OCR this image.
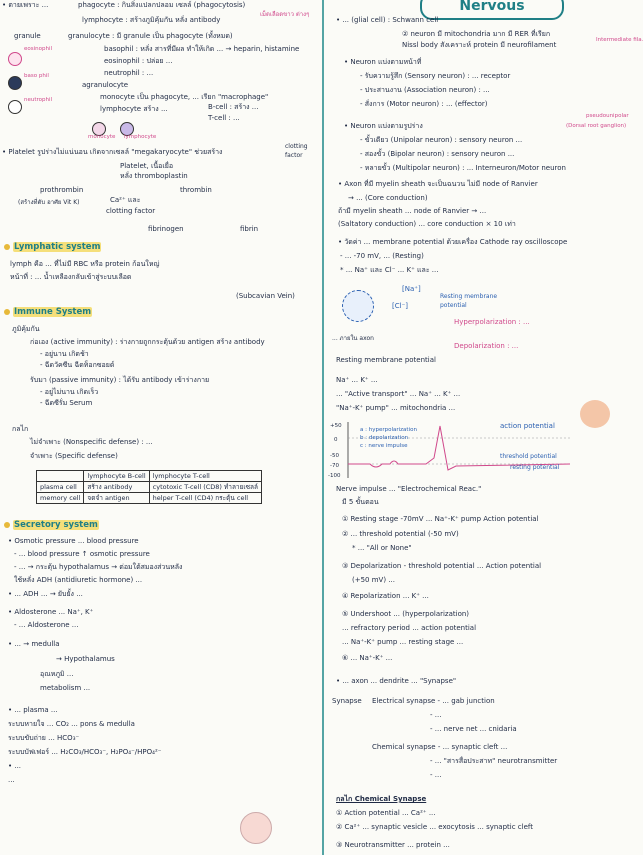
Nervous
• ตายเพราะ ...	phagocyte : กินสิ่งแปลกปลอม เซลล์ (phagocytosis)
lymphocyte : สร้างภูมิคุ้มกัน หลั่ง antibody
เม็ดเลือดขาว ต่างๆ
granule	granulocyte : มี granule เป็น phagocyte (ทั้งหมด)
eosinophil
baso phil
neutrophil
basophil : หลั่ง สารที่มีผล ทำให้เกิด ... → heparin, histamine
eosinophil : ปล่อย ...
neutrophil : ...
agranulocyte
monocyte เป็น phagocyte, ... เรียก "macrophage"
lymphocyte สร้าง ...	B-cell : สร้าง ...
T-cell : ...
monocyte lymphocyte
• Platelet รูปร่างไม่แน่นอน เกิดจากเซลล์ "megakaryocyte" ช่วยสร้าง
clotting factor
Platelet, เนื้อเยื่อ
หลั่ง thromboplastin
prothrombin	thrombin
Ca²⁺ และ
clotting factor
(สร้างที่ตับ อาศัย Vit K)
fibrinogen	fibrin
Lymphatic system
lymph คือ ... ที่ไม่มี RBC หรือ protein ก้อนใหญ่
หน้าที่ : ... น้ำเหลืองกลับเข้าสู่ระบบเลือด
(Subcavian Vein)
Immune System
ภูมิคุ้มกัน
ก่อเอง (active immunity) : ร่างกายถูกกระตุ้นด้วย antigen สร้าง antibody
- อยู่นาน เกิดช้า
- ฉีดวัคซีน ฉีดท็อกซอยด์
รับมา (passive immunity) : ได้รับ antibody เข้าร่างกาย
- อยู่ไม่นาน เกิดเร็ว
- ฉีดซีรั่ม Serum
กลไก
ไม่จำเพาะ (Nonspecific defense) : ...
จำเพาะ (Specific defense)
	lymphocyte B-cell	lymphocyte T-cell
plasma cell	สร้าง antibody	cytotoxic T-cell (CD8) ทำลายเซลล์
memory cell	จดจำ antigen	helper T-cell (CD4) กระตุ้น cell
Secretory system
• Osmotic pressure ... blood pressure
- ... blood pressure ↑ osmotic pressure
- ... → กระตุ้น hypothalamus → ต่อมใต้สมองส่วนหลัง
ใช้หลั่ง ADH (antidiuretic hormone) ...
• ... ADH ... → ยับยั้ง ...
• Aldosterone ... Na⁺, K⁺
- ... Aldosterone ...
• ... → medulla
→ Hypothalamus
อุณหภูมิ ...
metabolism ...
• ... plasma ...
ระบบหายใจ ... CO₂ ... pons & medulla
ระบบขับถ่าย ... HCO₃⁻
ระบบบัฟเฟอร์ ... H₂CO₃/HCO₃⁻, H₂PO₄⁻/HPO₄²⁻
• ...
...
• ... (glial cell) : Schwann cell
② neuron มี mitochondria มาก มี RER ที่เรียก
Nissl body สังเคราะห์ protein มี neurofilament
Intermediate fila.
• Neuron แบ่งตามหน้าที่
- รับความรู้สึก (Sensory neuron) : ... receptor
- ประสานงาน (Association neuron) : ...
- สั่งการ (Motor neuron) : ... (effector)
• Neuron แบ่งตามรูปร่าง
pseudounipolar
(Dorsal root ganglion)
- ขั้วเดียว (Unipolar neuron) : sensory neuron ...
- สองขั้ว (Bipolar neuron) : sensory neuron ...
- หลายขั้ว (Multipolar neuron) : ... Interneuron/Motor neuron
• Axon ที่มี myelin sheath จะเป็นฉนวน ไม่มี node of Ranvier
→ ... (Core conduction)
ถ้ามี myelin sheath ... node of Ranvier → ...
(Saltatory conduction) ... core conduction × 10 เท่า
• วัดค่า ... membrane potential ด้วยเครื่อง Cathode ray oscilloscope
- ... -70 mV, ... (Resting)
* ... Na⁺ และ Cl⁻ ... K⁺ และ ...
[Na⁺]
[Cl⁻]
Resting membrane potential
Hyperpolarization : ...
Depolarization : ...
... ภายใน axon
Resting membrane potential
Na⁺ ... K⁺ ...
... "Active transport" ... Na⁺ ... K⁺ ...
"Na⁺-K⁺ pump" ... mitochondria ...
+50
0
-50
-70
-100
a : hyperpolarization
b : depolarization
c : nerve impulse
action potential
threshold potential
resting potential
Nerve impulse ... "Electrochemical Reac."
มี 5 ขั้นตอน
① Resting stage -70mV ... Na⁺-K⁺ pump Action potential
② ... threshold potential (-50 mV)
* ... "All or None"
③ Depolarization - threshold potential ... Action potential
(+50 mV) ...
④ Repolarization ... K⁺ ...
⑤ Undershoot ... (hyperpolarization)
... refractory period ... action potential
... Na⁺-K⁺ pump ... resting stage ...
⑥ ... Na⁺-K⁺ ...
• ... axon ... dendrite ... "Synapse"
Synapse Electrical synapse - ... gab junction
- ...
- ... nerve net ... cnidaria
Chemical synapse - ... synaptic cleft ...
- ... "สารสื่อประสาท" neurotransmitter
- ...
กลไก Chemical Synapse
① Action potential ... Ca²⁺ ...
② Ca²⁺ ... synaptic vesicle ... exocytosis ... synaptic cleft
③ Neurotransmitter ... protein ...
